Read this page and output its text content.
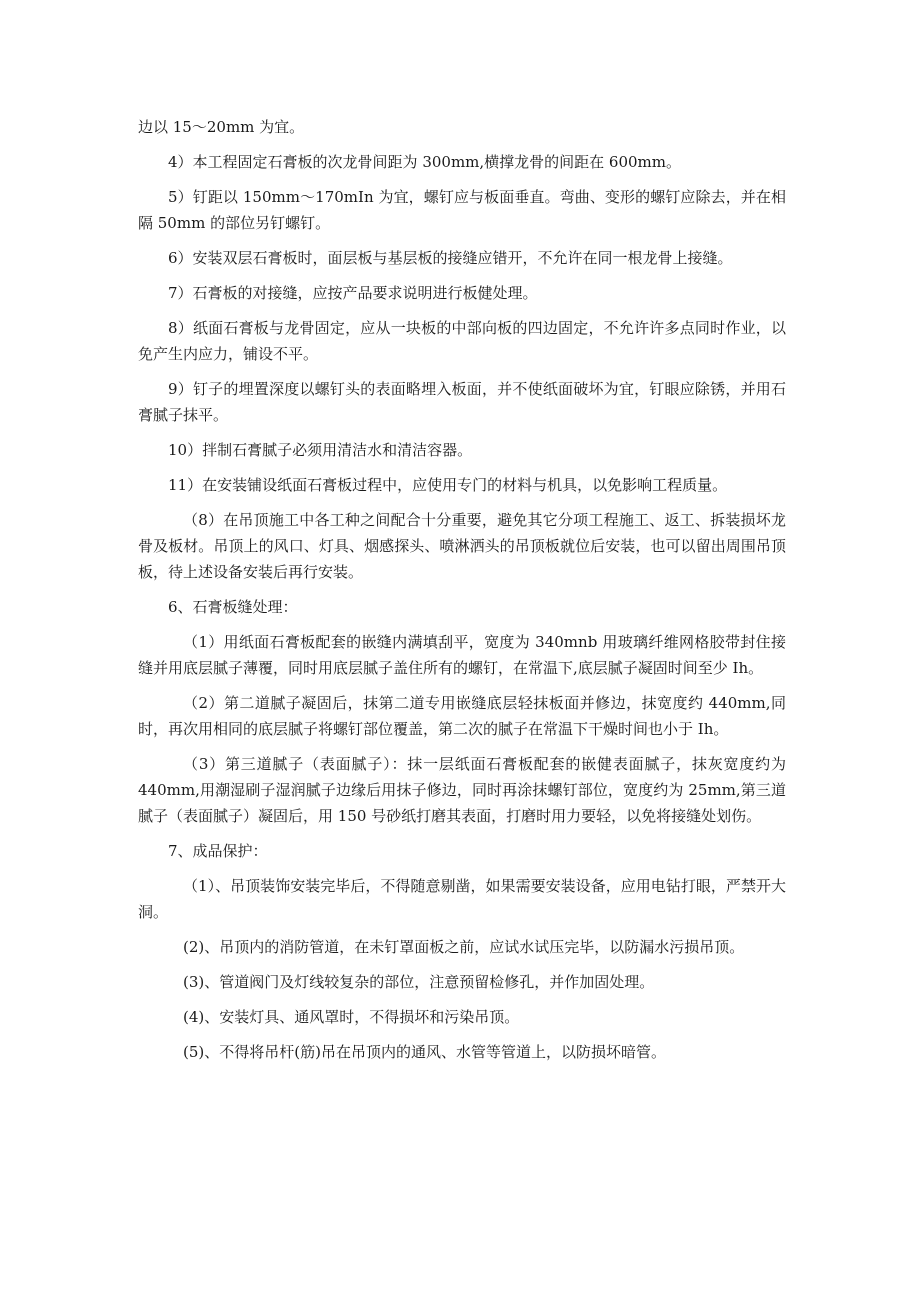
边以 15～20mm 为宜。

4）本工程固定石膏板的次龙骨间距为 300mm,横撑龙骨的间距在 600mm。

5）钉距以 150mm～170mIn 为宜，螺钉应与板面垂直。弯曲、变形的螺钉应除去，并在相隔 50mm 的部位另钉螺钉。

6）安装双层石膏板时，面层板与基层板的接缝应错开，不允许在同一根龙骨上接缝。

7）石膏板的对接缝，应按产品要求说明进行板健处理。

8）纸面石膏板与龙骨固定，应从一块板的中部向板的四边固定，不允许许多点同时作业，以免产生内应力，铺设不平。

9）钉子的埋置深度以螺钉头的表面略埋入板面，并不使纸面破坏为宜，钉眼应除锈，并用石膏腻子抹平。

10）拌制石膏腻子必须用清洁水和清洁容器。

11）在安装铺设纸面石膏板过程中，应使用专门的材料与机具，以免影响工程质量。

（8）在吊顶施工中各工种之间配合十分重要，避免其它分项工程施工、返工、拆装损坏龙骨及板材。吊顶上的风口、灯具、烟感探头、喷淋洒头的吊顶板就位后安装，也可以留出周围吊顶板，待上述设备安装后再行安装。

6、石膏板缝处理：

（1）用纸面石膏板配套的嵌缝内满填刮平，宽度为 340mnb 用玻璃纤维网格胶带封住接缝并用底层腻子薄覆，同时用底层腻子盖住所有的螺钉，在常温下,底层腻子凝固时间至少 Ih。

（2）第二道腻子凝固后，抹第二道专用嵌缝底层轻抹板面并修边，抹宽度约 440mm,同时，再次用相同的底层腻子将螺钉部位覆盖，第二次的腻子在常温下干燥时间也小于 Ih。

（3）第三道腻子（表面腻子）：抹一层纸面石膏板配套的嵌健表面腻子，抹灰宽度约为 440mm,用潮湿刷子湿润腻子边缘后用抹子修边，同时再涂抹螺钉部位，宽度约为 25mm,第三道腻子（表面腻子）凝固后，用 150 号砂纸打磨其表面，打磨时用力要轻，以免将接缝处划伤。

7、成品保护：

（1）、吊顶装饰安装完毕后，不得随意剔凿，如果需要安装设备，应用电钻打眼，严禁开大洞。

(2)、吊顶内的消防管道，在未钉罩面板之前，应试水试压完毕，以防漏水污损吊顶。

(3)、管道阀门及灯线较复杂的部位，注意预留检修孔，并作加固处理。

(4)、安装灯具、通风罩时，不得损坏和污染吊顶。

(5)、不得将吊杆(筋)吊在吊顶内的通风、水管等管道上，以防损坏暗管。
